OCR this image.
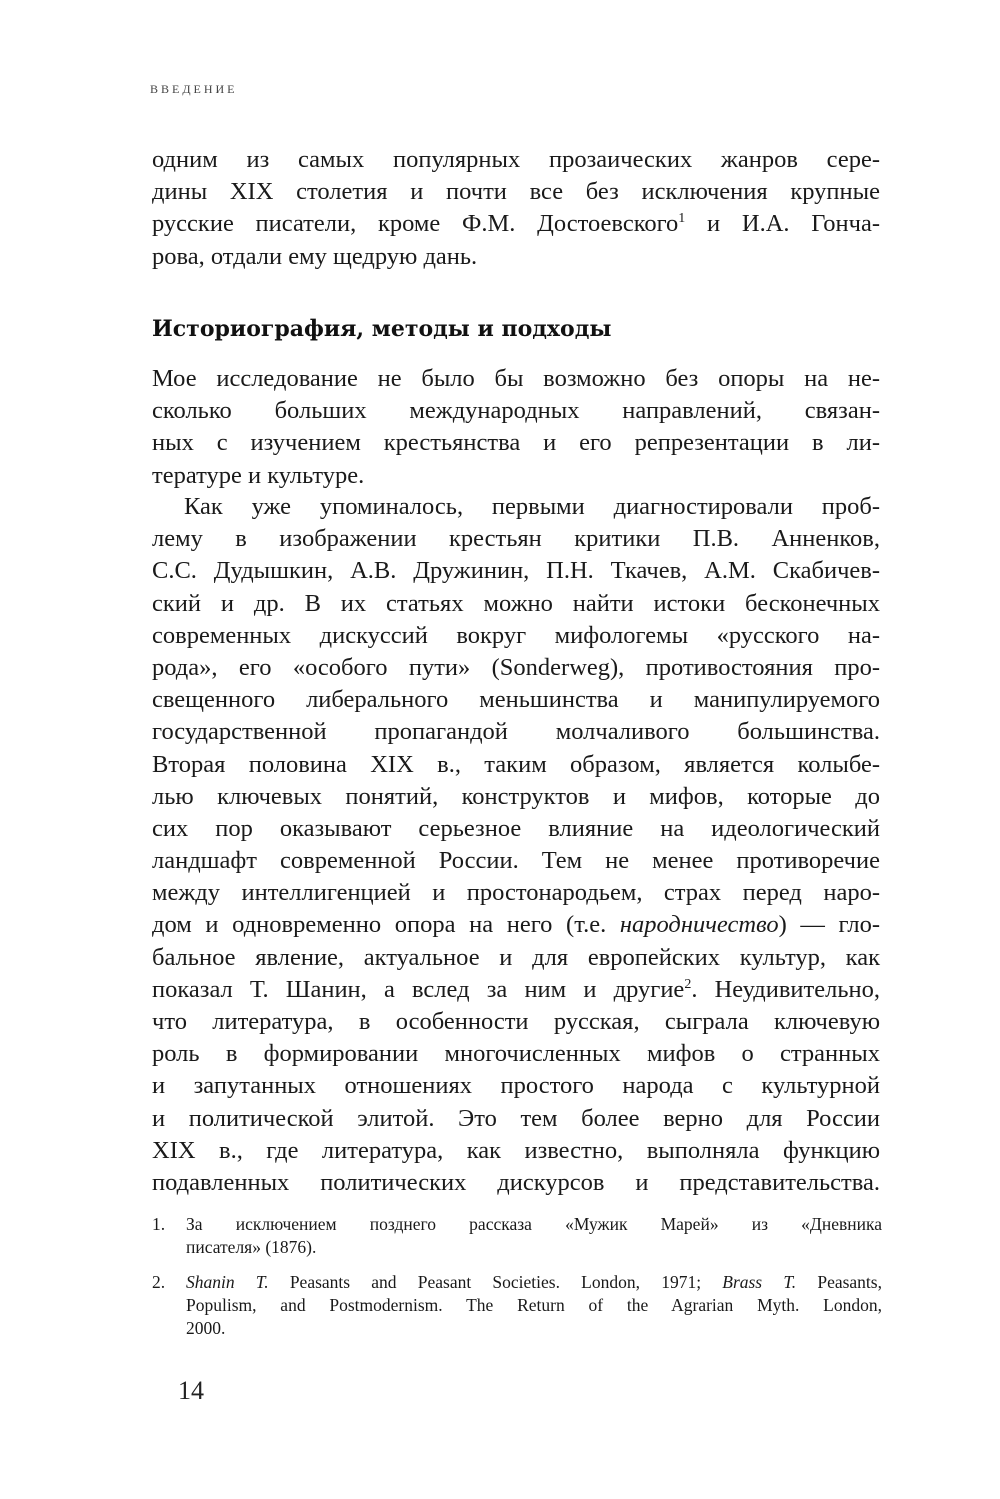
ВВЕДЕНИЕ
одним из самых популярных прозаических жанров сере-
дины XIX столетия и почти все без исключения крупные
русские писатели, кроме Ф.М. Достоевского$^1$ и И.А. Гонча-
рова, отдали ему щедрую дань.
Историография, методы и подходы
Мое исследование не было бы возможно без опоры на не-
сколько больших международных направлений, связан-
ных с изучением крестьянства и его репрезентации в ли-
тературе и культуре.
Как уже упоминалось, первыми диагностировали проб-
лему в изображении крестьян критики П.В. Анненков,
С.С. Дудышкин, А.В. Дружинин, П.Н. Ткачев, А.М. Скабичев-
ский и др. В их статьях можно найти истоки бесконечных
современных дискуссий вокруг мифологемы «русского на-
рода», его «особого пути» (Sonderweg), противостояния про-
свещенного либерального меньшинства и манипулируемого
государственной пропагандой молчаливого большинства.
Вторая половина XIX в., таким образом, является колыбе-
лью ключевых понятий, конструктов и мифов, которые до
сих пор оказывают серьезное влияние на идеологический
ландшафт современной России. Тем не менее противоречие
между интеллигенцией и простонародьем, страх перед наро-
дом и одновременно опора на него (т.е. народничество) — гло-
бальное явление, актуальное и для европейских культур, как
показал Т. Шанин, а вслед за ним и другие$^2$. Неудивительно,
что литература, в особенности русская, сыграла ключевую
роль в формировании многочисленных мифов о странных
и запутанных отношениях простого народа с культурной
и политической элитой. Это тем более верно для России
XIX в., где литература, как известно, выполняла функцию
подавленных политических дискурсов и представительства.
1.	За исключением позднего рассказа «Мужик Марей» из «Дневника
писателя» (1876).
2.	Shanin T. Peasants and Peasant Societies. London, 1971; Brass T. Peasants,
Populism, and Postmodernism. The Return of the Agrarian Myth. London,
2000.
14
